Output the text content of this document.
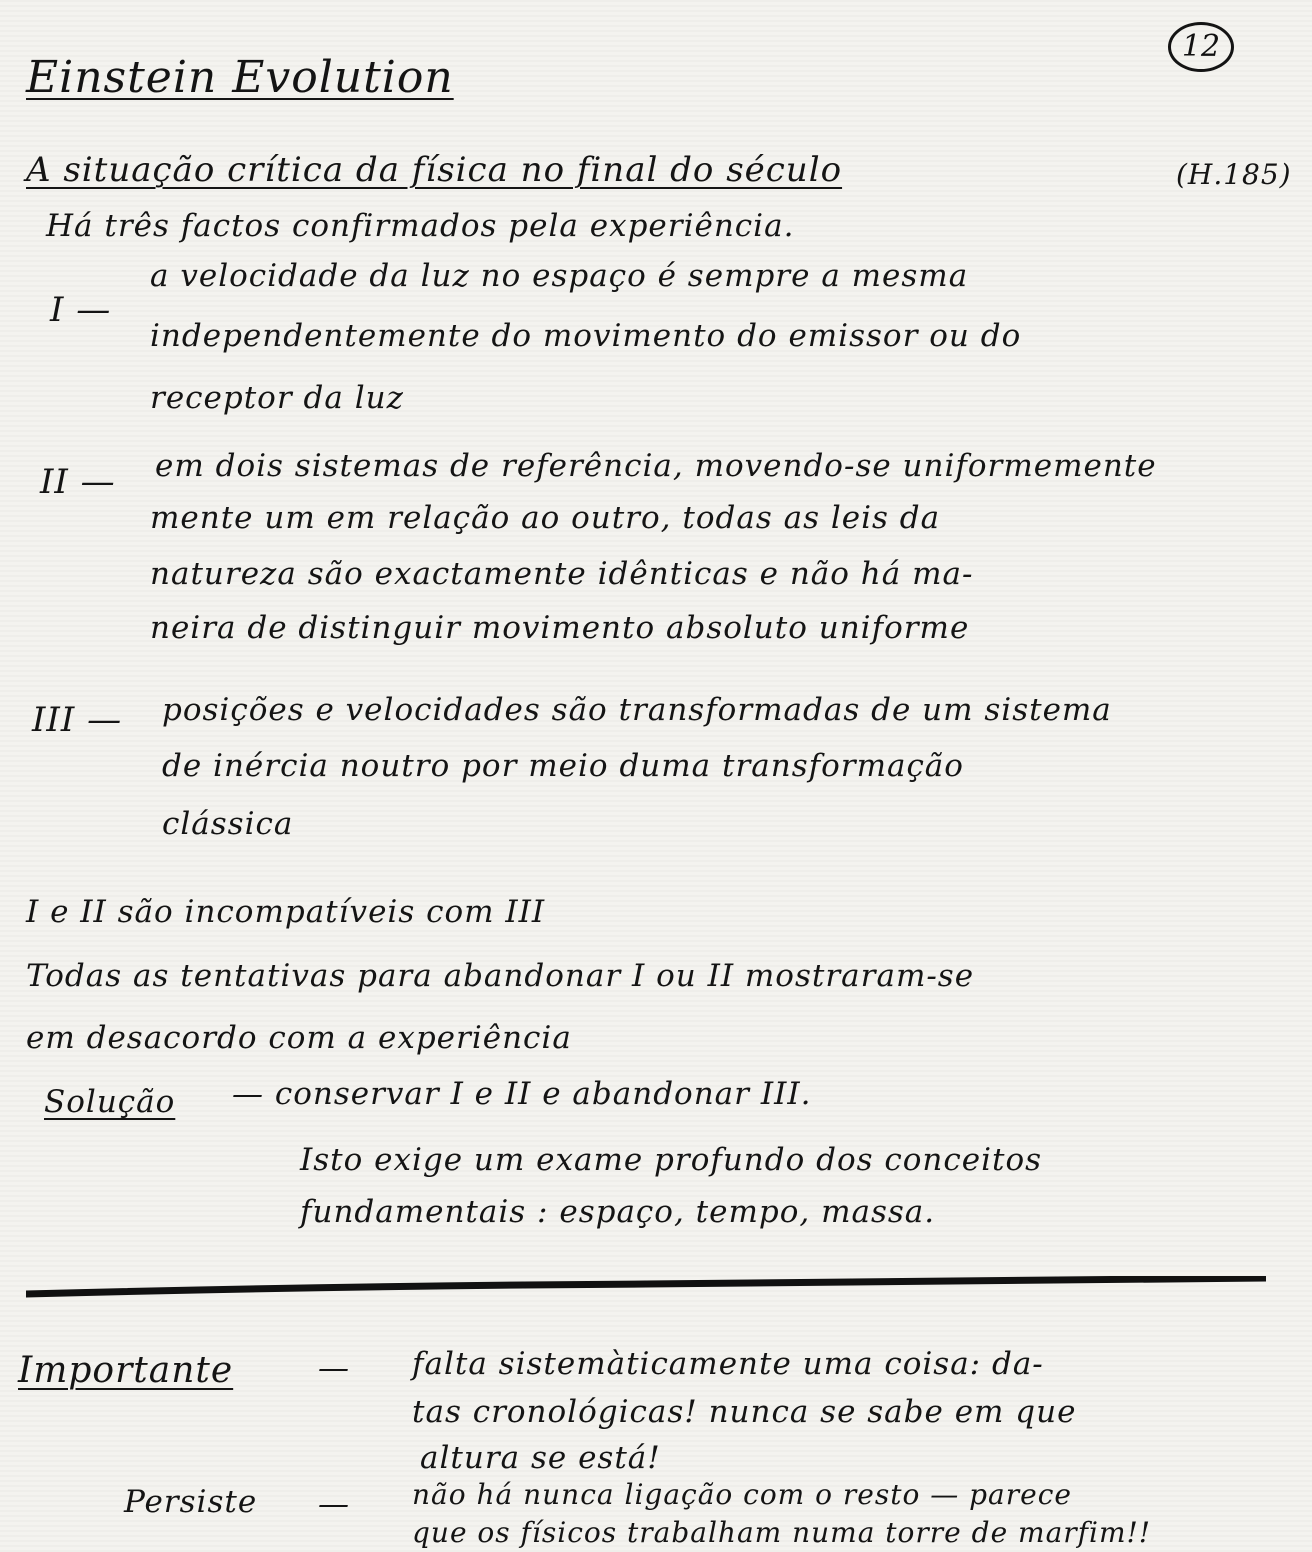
12
Einstein Evolution
A situação crítica da física no final do século	(H.185)
Há três factos confirmados pela experiência.
I —
a velocidade da luz no espaço é sempre a mesma
independentemente do movimento do emissor ou do
receptor da luz
II — em dois sistemas de referência, movendo-se uniformemente
mente um em relação ao outro, todas as leis da
natureza são exactamente idênticas e não há ma-
neira de distinguir movimento absoluto uniforme
III — posições e velocidades são transformadas de um sistema
de inércia noutro por meio duma transformação
clássica
I e II são incompatíveis com III
Todas as tentativas para abandonar I ou II mostraram-se
em desacordo com a experiência
Solução — conservar I e II e abandonar III.
Isto exige um exame profundo dos conceitos
fundamentais : espaço, tempo, massa.
Importante	— falta sistemàticamente uma coisa: da-
tas cronológicas! nunca se sabe em que
altura se está!
Persiste — não há nunca ligação com o resto — parece
que os físicos trabalham numa torre de marfim!!
